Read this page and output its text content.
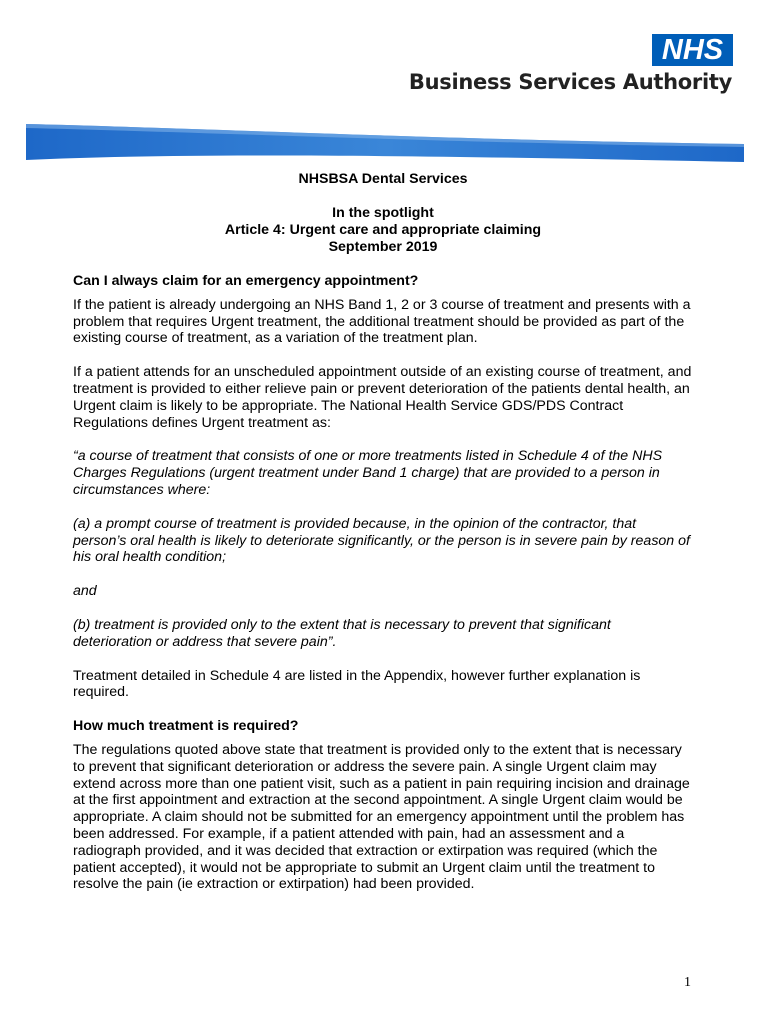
NHS
Business Services Authority
NHSBSA Dental Services
In the spotlight
Article 4: Urgent care and appropriate claiming
September 2019
Can I always claim for an emergency appointment?

If the patient is already undergoing an NHS Band 1, 2 or 3 course of treatment and presents with a problem that requires Urgent treatment, the additional treatment should be provided as part of the existing course of treatment, as a variation of the treatment plan.

If a patient attends for an unscheduled appointment outside of an existing course of treatment, and treatment is provided to either relieve pain or prevent deterioration of the patients dental health, an Urgent claim is likely to be appropriate. The National Health Service GDS/PDS Contract Regulations defines Urgent treatment as:

“a course of treatment that consists of one or more treatments listed in Schedule 4 of the NHS Charges Regulations (urgent treatment under Band 1 charge) that are provided to a person in circumstances where:

(a) a prompt course of treatment is provided because, in the opinion of the contractor, that person’s oral health is likely to deteriorate significantly, or the person is in severe pain by reason of his oral health condition;

and

(b) treatment is provided only to the extent that is necessary to prevent that significant deterioration or address that severe pain”.

Treatment detailed in Schedule 4 are listed in the Appendix, however further explanation is required.

How much treatment is required?

The regulations quoted above state that treatment is provided only to the extent that is necessary to prevent that significant deterioration or address the severe pain. A single Urgent claim may extend across more than one patient visit, such as a patient in pain requiring incision and drainage at the first appointment and extraction at the second appointment. A single Urgent claim would be appropriate. A claim should not be submitted for an emergency appointment until the problem has been addressed. For example, if a patient attended with pain, had an assessment and a radiograph provided, and it was decided that extraction or extirpation was required (which the patient accepted), it would not be appropriate to submit an Urgent claim until the treatment to resolve the pain (ie extraction or extirpation) had been provided.

1
